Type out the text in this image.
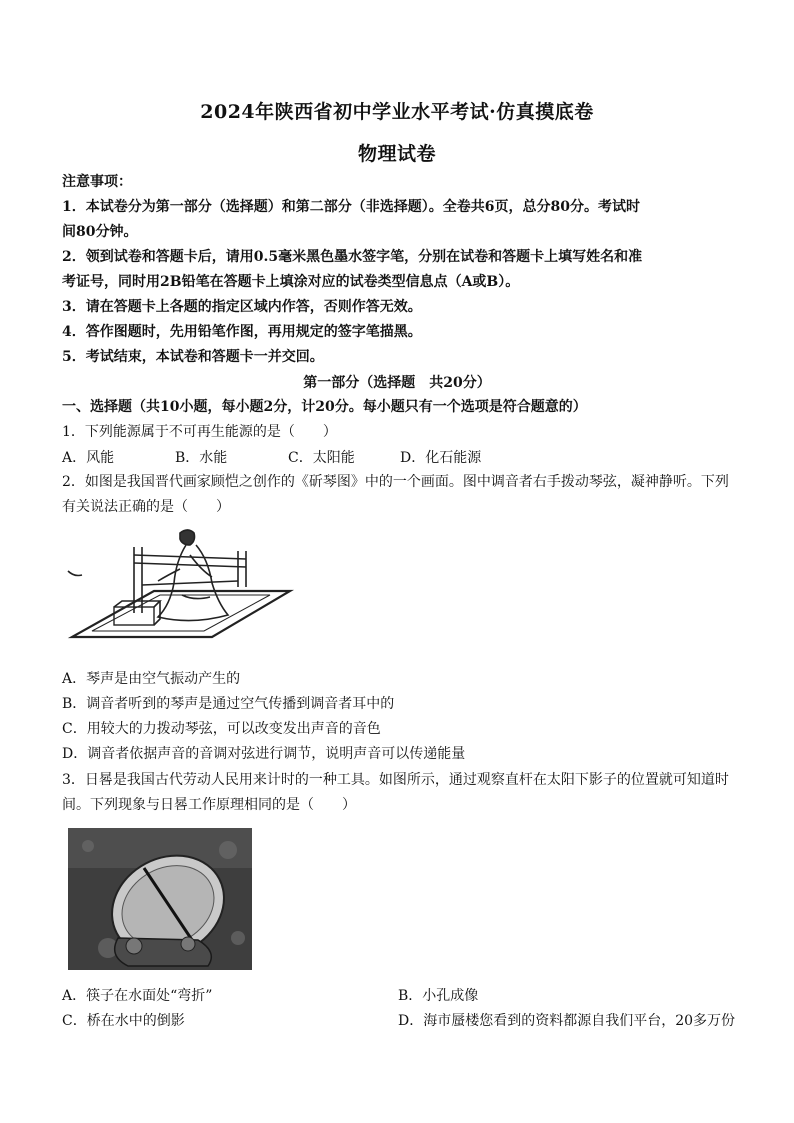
2024年陕西省初中学业水平考试·仿真摸底卷
物理试卷
注意事项：
1．本试卷分为第一部分（选择题）和第二部分（非选择题）。全卷共6页，总分80分。考试时
间80分钟。
2．领到试卷和答题卡后，请用0.5毫米黑色墨水签字笔，分别在试卷和答题卡上填写姓名和准
考证号，同时用2B铅笔在答题卡上填涂对应的试卷类型信息点（A或B）。
3．请在答题卡上各题的指定区域内作答，否则作答无效。
4．答作图题时，先用铅笔作图，再用规定的签字笔描黑。
5．考试结束，本试卷和答题卡一并交回。
第一部分（选择题　共20分）
一、选择题（共10小题，每小题2分，计20分。每小题只有一个选项是符合题意的）
1．下列能源属于不可再生能源的是（　　）
A．风能	B．水能	C．太阳能	D．化石能源
2．如图是我国晋代画家顾恺之创作的《斫琴图》中的一个画面。图中调音者右手拨动琴弦，凝神静听。下列
有关说法正确的是（　　）
A．琴声是由空气振动产生的
B．调音者听到的琴声是通过空气传播到调音者耳中的
C．用较大的力拨动琴弦，可以改变发出声音的音色
D．调音者依据声音的音调对弦进行调节，说明声音可以传递能量
3．日晷是我国古代劳动人民用来计时的一种工具。如图所示，通过观察直杆在太阳下影子的位置就可知道时
间。下列现象与日晷工作原理相同的是（　　）
A．筷子在水面处“弯折”	B．小孔成像
C．桥在水中的倒影	D．海市蜃楼您看到的资料都源自我们平台，20多万份
